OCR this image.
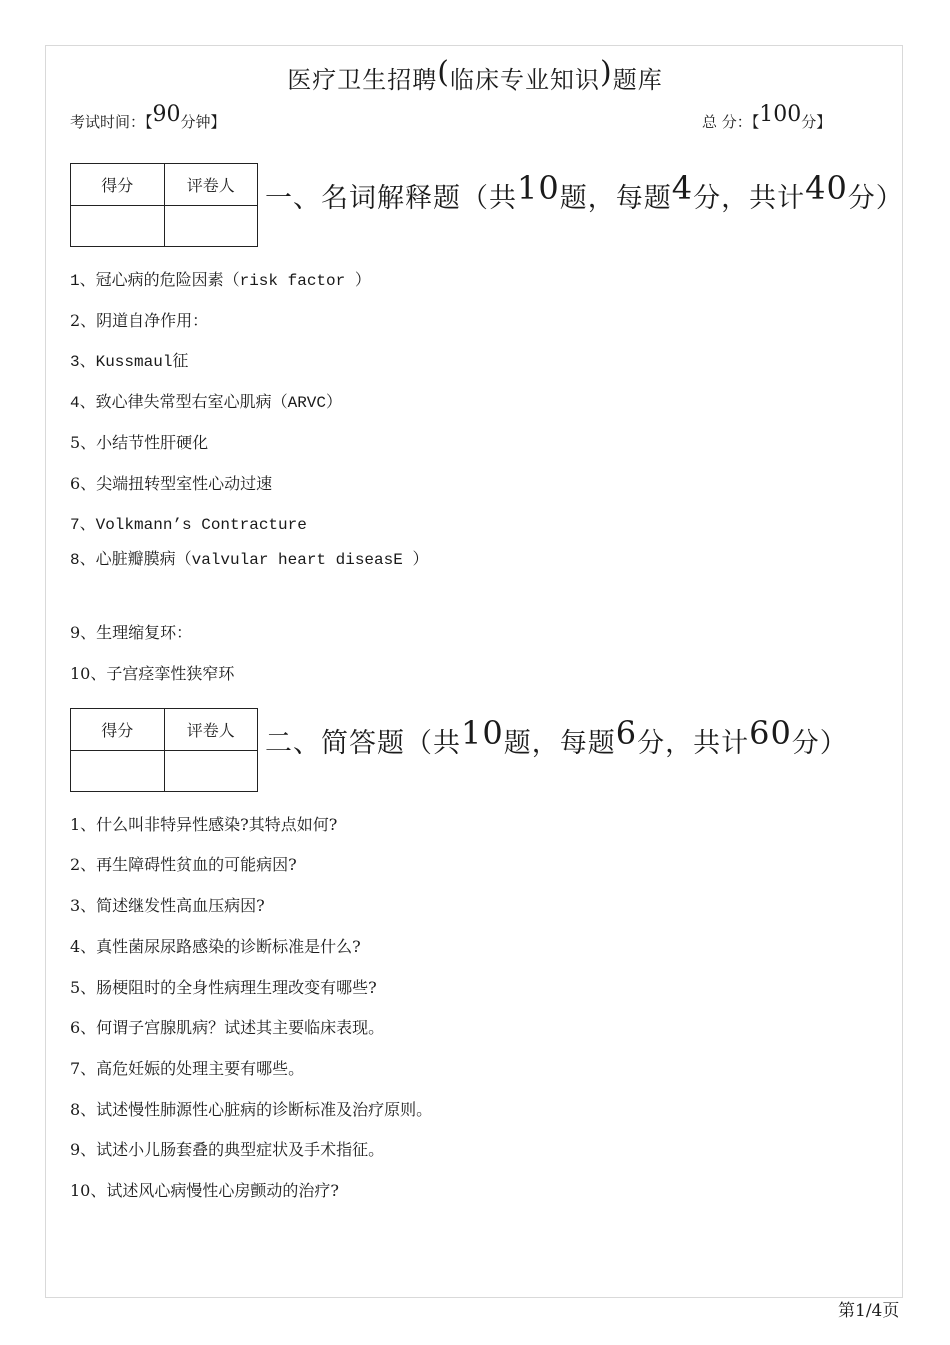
医疗卫生招聘(临床专业知识)题库
考试时间：【90分钟】	总 分：【100分】
得分	评卷人
	一、名词解释题（共10题，每题4分，共计40分）
1、冠心病的危险因素（risk factor ）
2、阴道自净作用：
3、Kussmaul征
4、致心律失常型右室心肌病（ARVC）
5、小结节性肝硬化
6、尖端扭转型室性心动过速
7、Volkmann’s Contracture
8、心脏瓣膜病（valvular heart diseasE ）
9、生理缩复环：
10、子宫痉挛性狭窄环
得分	评卷人
	二、简答题（共10题，每题6分，共计60分）
1、什么叫非特异性感染?其特点如何?
2、再生障碍性贫血的可能病因?
3、简述继发性高血压病因?
4、真性菌尿尿路感染的诊断标准是什么?
5、肠梗阻时的全身性病理生理改变有哪些?
6、何谓子宫腺肌病？试述其主要临床表现。
7、高危妊娠的处理主要有哪些。
8、试述慢性肺源性心脏病的诊断标准及治疗原则。
9、试述小儿肠套叠的典型症状及手术指征。
10、试述风心病慢性心房颤动的治疗?
第1/4页
